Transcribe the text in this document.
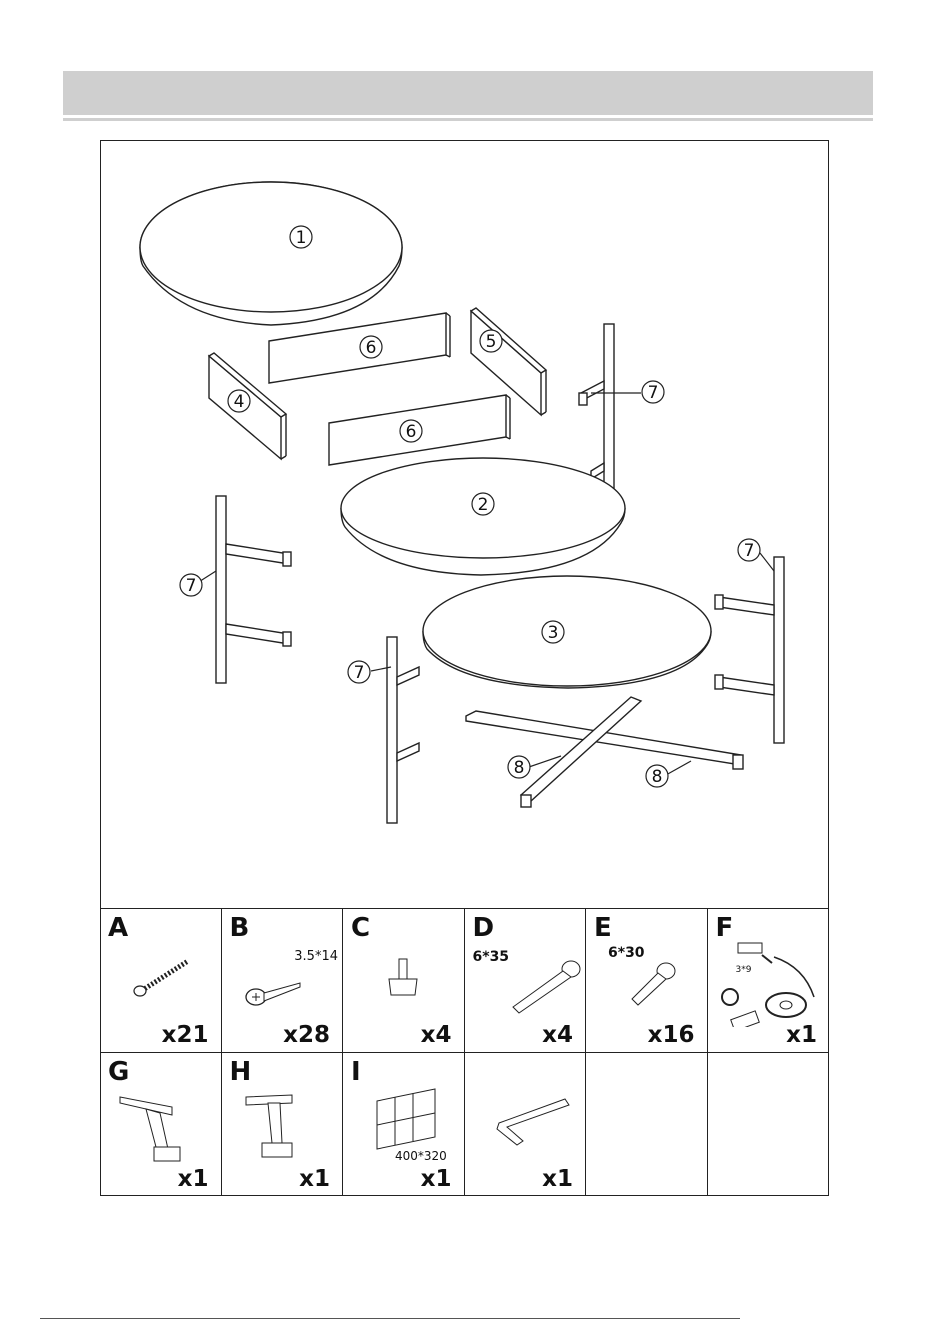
1
2
3
4
5
6
6
7
7
7
7
8	8
A
x21
B
3.5*14
x28
C
x4
D
6*35
x4
E
6*30
x16
F
3*9
x1
G
x1
H
x1
I
400*320
x1	x1
